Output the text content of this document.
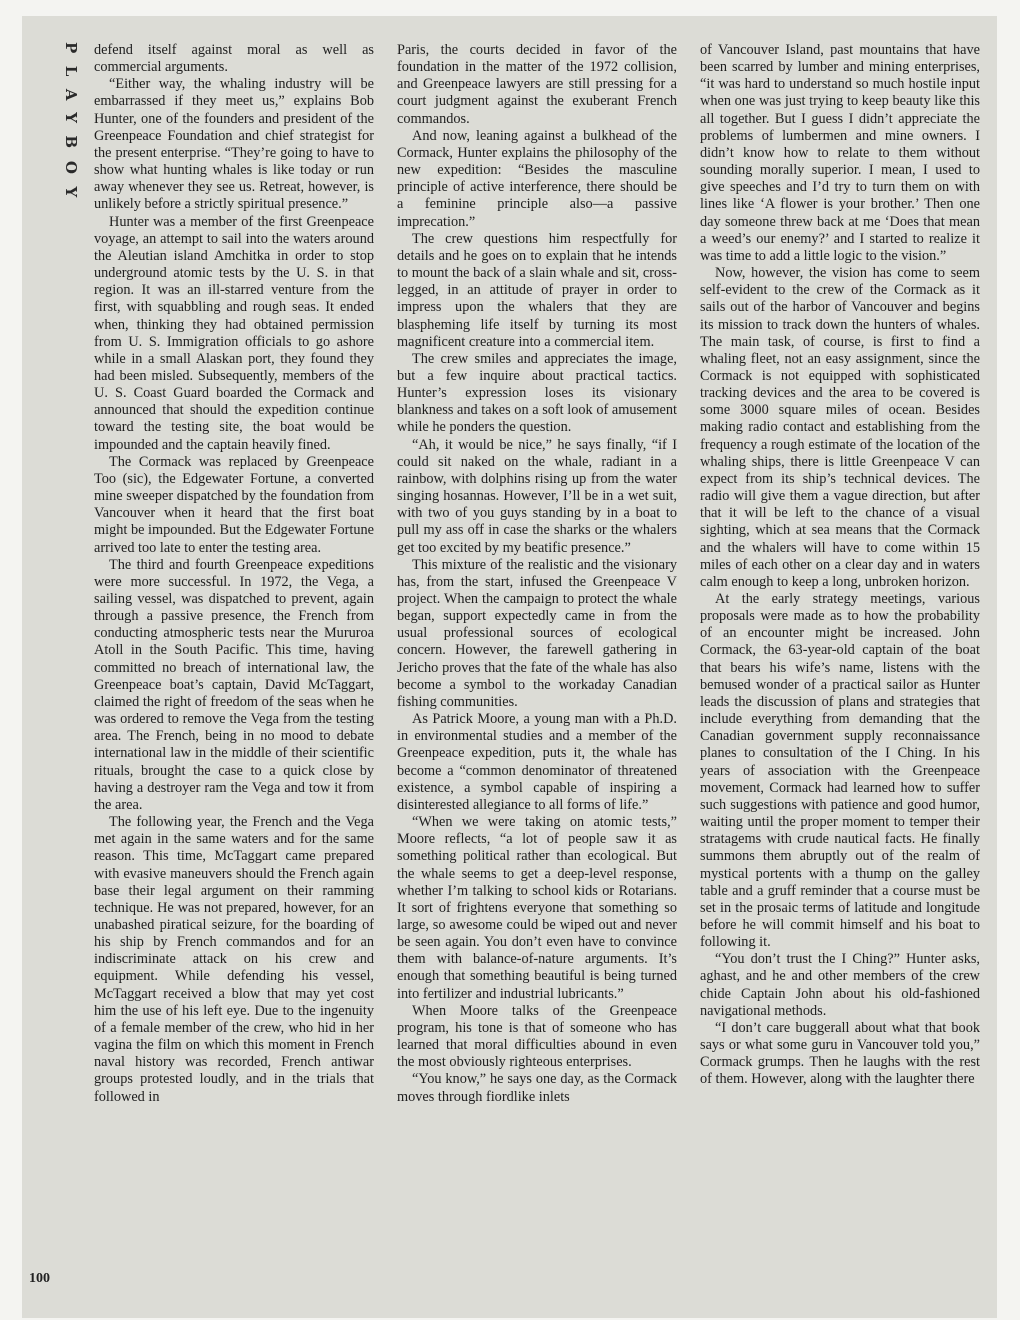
PLAYBOY defend itself against moral as well as commercial arguments.

“Either way, the whaling industry will be embarrassed if they meet us,” explains Bob Hunter, one of the founders and president of the Greenpeace Foundation and chief strategist for the present enterprise. “They’re going to have to show what hunting whales is like today or run away whenever they see us. Retreat, however, is unlikely before a strictly spiritual presence.”

Hunter was a member of the first Greenpeace voyage, an attempt to sail into the waters around the Aleutian island Amchitka in order to stop underground atomic tests by the U. S. in that region. It was an ill-starred venture from the first, with squabbling and rough seas. It ended when, thinking they had obtained permission from U. S. Immigration officials to go ashore while in a small Alaskan port, they found they had been misled. Subsequently, members of the U. S. Coast Guard boarded the Cormack and announced that should the expedition continue toward the testing site, the boat would be impounded and the captain heavily fined.

The Cormack was replaced by Greenpeace Too (sic), the Edgewater Fortune, a converted mine sweeper dispatched by the foundation from Vancouver when it heard that the first boat might be impounded. But the Edgewater Fortune arrived too late to enter the testing area.

The third and fourth Greenpeace expeditions were more successful. In 1972, the Vega, a sailing vessel, was dispatched to prevent, again through a passive presence, the French from conducting atmospheric tests near the Mururoa Atoll in the South Pacific. This time, having committed no breach of international law, the Greenpeace boat’s captain, David McTaggart, claimed the right of freedom of the seas when he was ordered to remove the Vega from the testing area. The French, being in no mood to debate international law in the middle of their scientific rituals, brought the case to a quick close by having a destroyer ram the Vega and tow it from the area.

The following year, the French and the Vega met again in the same waters and for the same reason. This time, McTaggart came prepared with evasive maneuvers should the French again base their legal argument on their ramming technique. He was not prepared, however, for an unabashed piratical seizure, for the boarding of his ship by French commandos and for an indiscriminate attack on his crew and equipment. While defending his vessel, McTaggart received a blow that may yet cost him the use of his left eye. Due to the ingenuity of a female member of the crew, who hid in her vagina the film on which this moment in French naval history was recorded, French antiwar groups protested loudly, and in the trials that followed in

Paris, the courts decided in favor of the foundation in the matter of the 1972 collision, and Greenpeace lawyers are still pressing for a court judgment against the exuberant French commandos.

And now, leaning against a bulkhead of the Cormack, Hunter explains the philosophy of the new expedition: “Besides the masculine principle of active interference, there should be a feminine principle also—a passive imprecation.”

The crew questions him respectfully for details and he goes on to explain that he intends to mount the back of a slain whale and sit, cross-legged, in an attitude of prayer in order to impress upon the whalers that they are blaspheming life itself by turning its most magnificent creature into a commercial item.

The crew smiles and appreciates the image, but a few inquire about practical tactics. Hunter’s expression loses its visionary blankness and takes on a soft look of amusement while he ponders the question.

“Ah, it would be nice,” he says finally, “if I could sit naked on the whale, radiant in a rainbow, with dolphins rising up from the water singing hosannas. However, I’ll be in a wet suit, with two of you guys standing by in a boat to pull my ass off in case the sharks or the whalers get too excited by my beatific presence.”

This mixture of the realistic and the visionary has, from the start, infused the Greenpeace V project. When the campaign to protect the whale began, support expectedly came in from the usual professional sources of ecological concern. However, the farewell gathering in Jericho proves that the fate of the whale has also become a symbol to the workaday Canadian fishing communities.

As Patrick Moore, a young man with a Ph.D. in environmental studies and a member of the Greenpeace expedition, puts it, the whale has become a “common denominator of threatened existence, a symbol capable of inspiring a disinterested allegiance to all forms of life.”

“When we were taking on atomic tests,” Moore reflects, “a lot of people saw it as something political rather than ecological. But the whale seems to get a deep-level response, whether I’m talking to school kids or Rotarians. It sort of frightens everyone that something so large, so awesome could be wiped out and never be seen again. You don’t even have to convince them with balance-of-nature arguments. It’s enough that something beautiful is being turned into fertilizer and industrial lubricants.”

When Moore talks of the Greenpeace program, his tone is that of someone who has learned that moral difficulties abound in even the most obviously righteous enterprises.

“You know,” he says one day, as the Cormack moves through fiordlike inlets

of Vancouver Island, past mountains that have been scarred by lumber and mining enterprises, “it was hard to understand so much hostile input when one was just trying to keep beauty like this all together. But I guess I didn’t appreciate the problems of lumbermen and mine owners. I didn’t know how to relate to them without sounding morally superior. I mean, I used to give speeches and I’d try to turn them on with lines like ‘A flower is your brother.’ Then one day someone threw back at me ‘Does that mean a weed’s our enemy?’ and I started to realize it was time to add a little logic to the vision.”

Now, however, the vision has come to seem self-evident to the crew of the Cormack as it sails out of the harbor of Vancouver and begins its mission to track down the hunters of whales. The main task, of course, is first to find a whaling fleet, not an easy assignment, since the Cormack is not equipped with sophisticated tracking devices and the area to be covered is some 3000 square miles of ocean. Besides making radio contact and establishing from the frequency a rough estimate of the location of the whaling ships, there is little Greenpeace V can expect from its ship’s technical devices. The radio will give them a vague direction, but after that it will be left to the chance of a visual sighting, which at sea means that the Cormack and the whalers will have to come within 15 miles of each other on a clear day and in waters calm enough to keep a long, unbroken horizon.

At the early strategy meetings, various proposals were made as to how the probability of an encounter might be increased. John Cormack, the 63-year-old captain of the boat that bears his wife’s name, listens with the bemused wonder of a practical sailor as Hunter leads the discussion of plans and strategies that include everything from demanding that the Canadian government supply reconnaissance planes to consultation of the I Ching. In his years of association with the Greenpeace movement, Cormack had learned how to suffer such suggestions with patience and good humor, waiting until the proper moment to temper their stratagems with crude nautical facts. He finally summons them abruptly out of the realm of mystical portents with a thump on the galley table and a gruff reminder that a course must be set in the prosaic terms of latitude and longitude before he will commit himself and his boat to following it.

“You don’t trust the I Ching?” Hunter asks, aghast, and he and other members of the crew chide Captain John about his old-fashioned navigational methods.

“I don’t care buggerall about what that book says or what some guru in Vancouver told you,” Cormack grumps. Then he laughs with the rest of them. However, along with the laughter there

100
